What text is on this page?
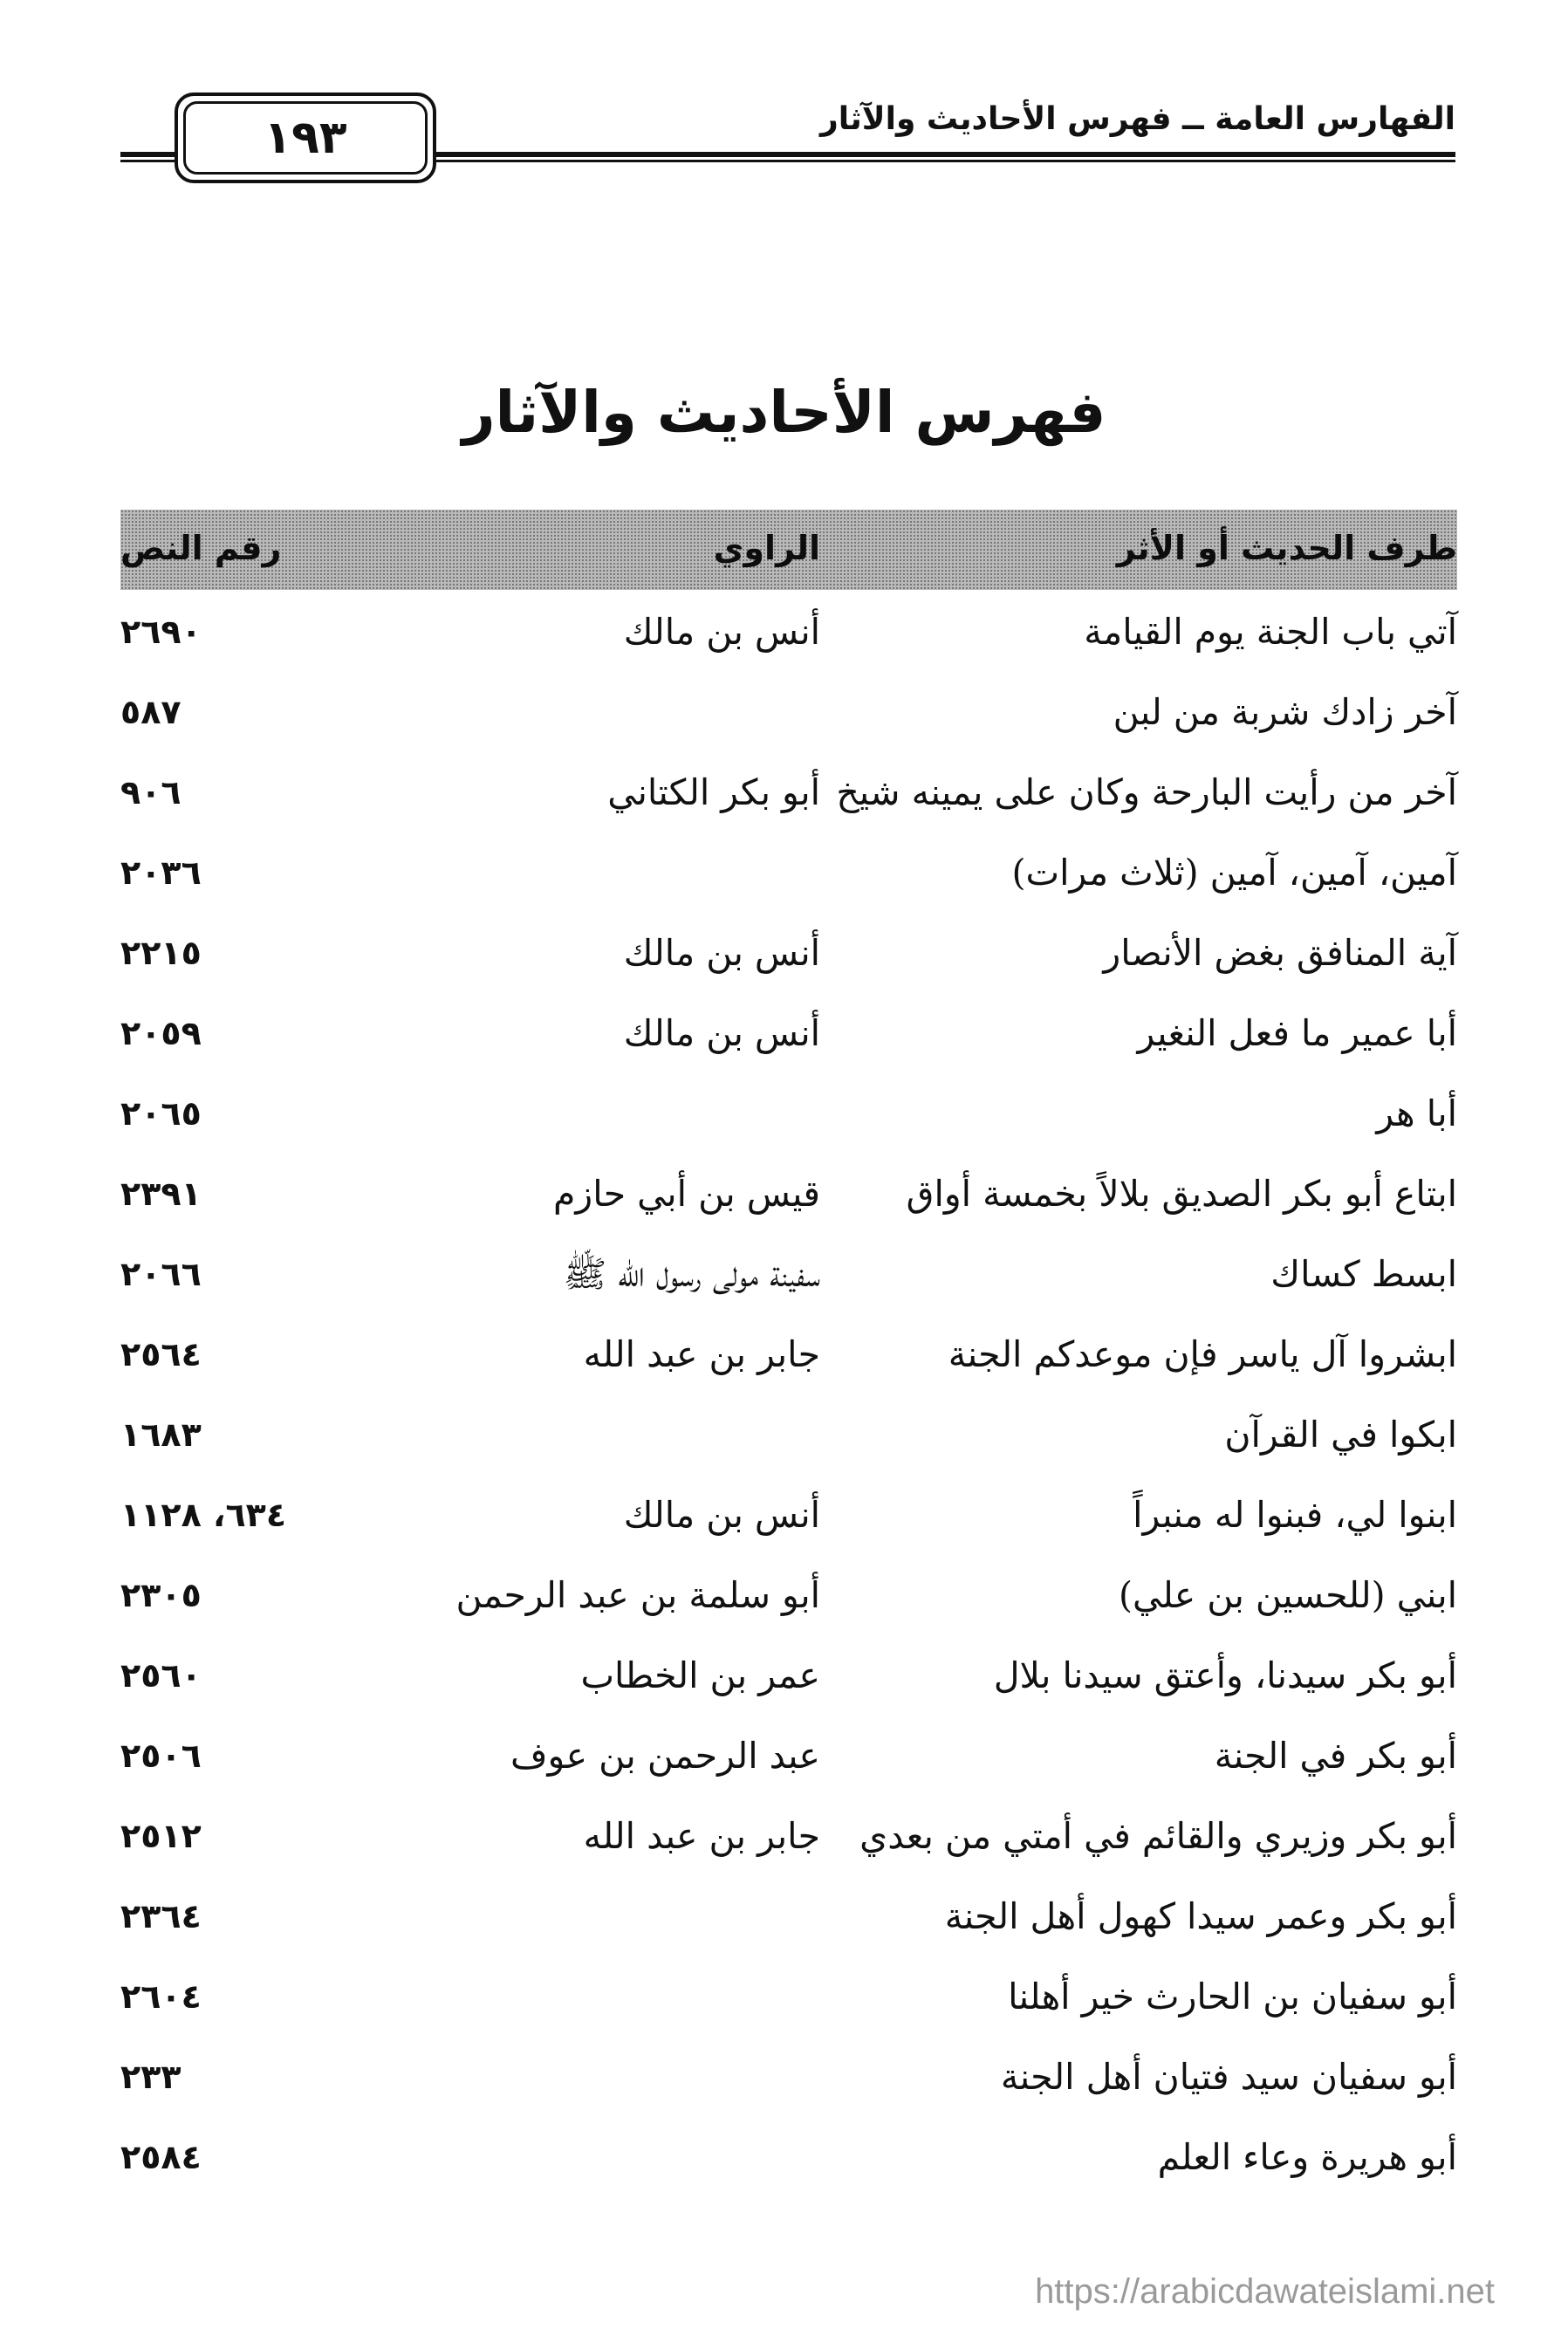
١٩٣	الفهارس العامة ــ فهرس الأحاديث والآثار
فهرس الأحاديث والآثار
طرف الحديث أو الأثر
الراوي
رقم النص
آتي باب الجنة يوم القيامة
أنس بن مالك
٢٦٩٠
آخر زادك شربة من لبن
٥٨٧
آخر من رأيت البارحة وكان على يمينه شيخ
أبو بكر الكتاني
٩٠٦
آمين، آمين، آمين (ثلاث مرات)
٢٠٣٦
آية المنافق بغض الأنصار
أنس بن مالك
٢٢١٥
أبا عمير ما فعل النغير
أنس بن مالك
٢٠٥٩
أبا هر
٢٠٦٥
ابتاع أبو بكر الصديق بلالاً بخمسة أواق
قيس بن أبي حازم
٢٣٩١
ابسط كساك
سفينة مولى رسول الله ﷺ
٢٠٦٦
ابشروا آل ياسر فإن موعدكم الجنة
جابر بن عبد الله
٢٥٦٤
ابكوا في القرآن
١٦٨٣
ابنوا لي، فبنوا له منبراً
أنس بن مالك
٦٣٤، ١١٢٨
ابني (للحسين بن علي)
أبو سلمة بن عبد الرحمن
٢٣٠٥
أبو بكر سيدنا، وأعتق سيدنا بلال
عمر بن الخطاب
٢٥٦٠
أبو بكر في الجنة
عبد الرحمن بن عوف
٢٥٠٦
أبو بكر وزيري والقائم في أمتي من بعدي
جابر بن عبد الله
٢٥١٢
أبو بكر وعمر سيدا كهول أهل الجنة
٢٣٦٤
أبو سفيان بن الحارث خير أهلنا
٢٦٠٤
أبو سفيان سيد فتيان أهل الجنة
٢٣٣
أبو هريرة وعاء العلم
٢٥٨٤
https://arabicdawateislami.net
